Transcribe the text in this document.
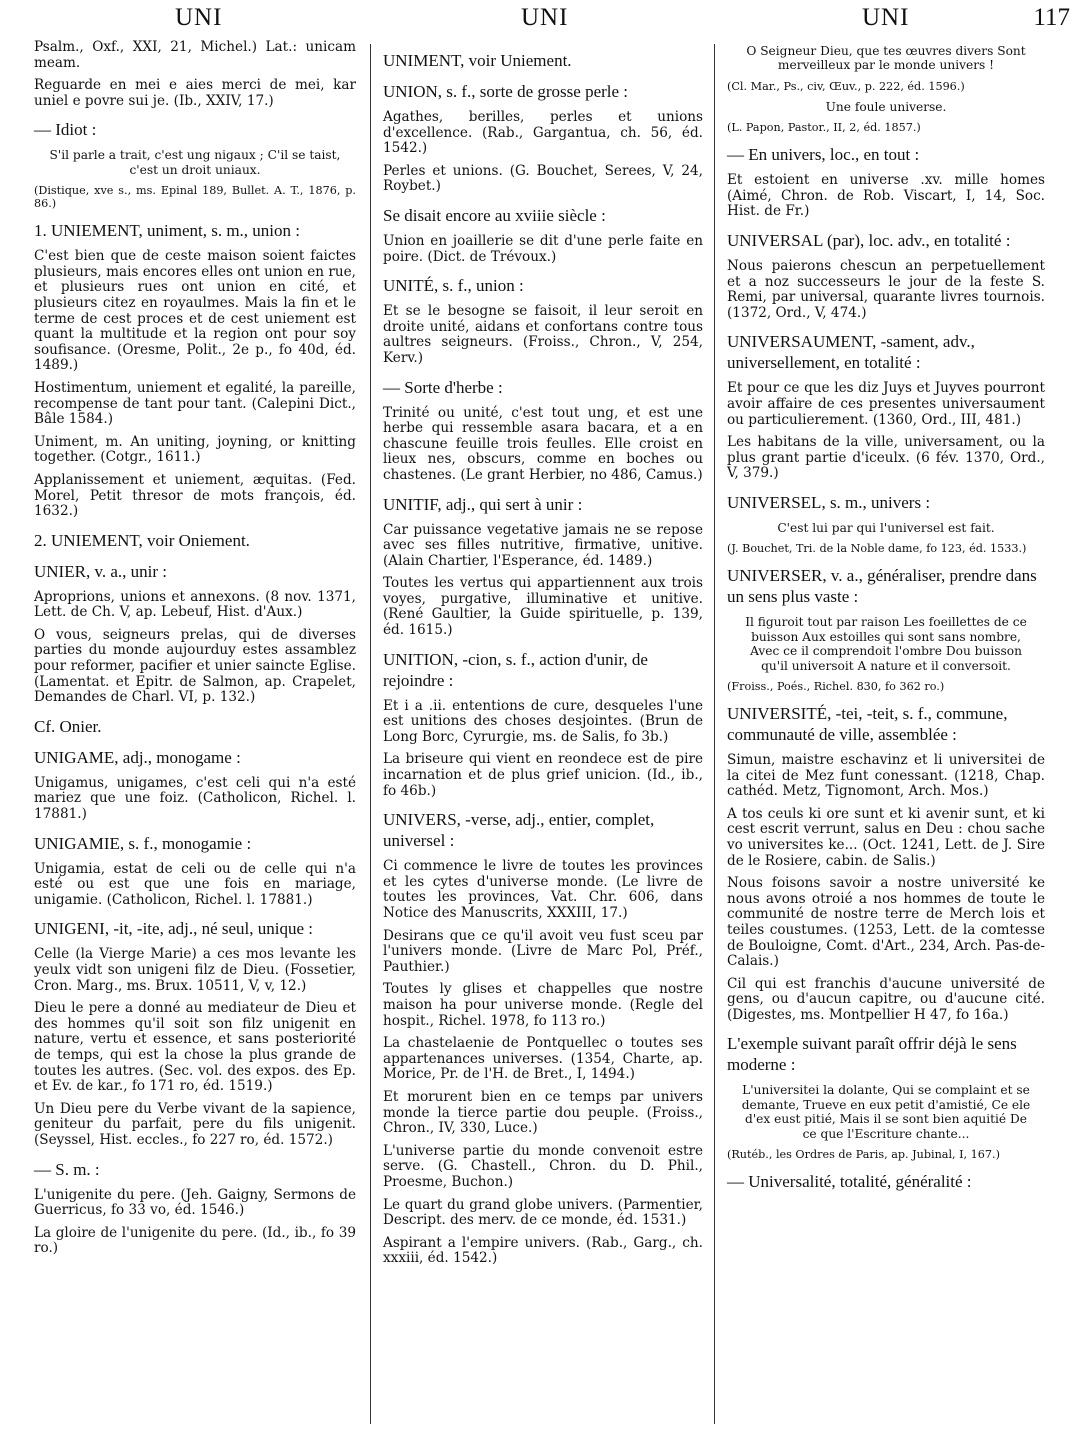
UNI	UNI	UNI	117

Psalm., Oxf., XXI, 21, Michel.) Lat.: unicam meam.

Reguarde en mei e aies merci de mei, kar uniel e povre sui je. (Ib., XXIV, 17.)

— Idiot :

S'il parle a trait, c'est ung nigaux ; C'il se taist, c'est un droit uniaux.

(Distique, xve s., ms. Epinal 189, Bullet. A. T., 1876, p. 86.)

1. UNIEMENT, uniment, s. m., union :

C'est bien que de ceste maison soient faictes plusieurs, mais encores elles ont union en rue, et plusieurs rues ont union en cité, et plusieurs citez en royaulmes. Mais la fin et le terme de cest proces et de cest uniement est quant la multitude et la region ont pour soy soufisance. (Oresme, Polit., 2e p., fo 40d, éd. 1489.)

Hostimentum, uniement et egalité, la pareille, recompense de tant pour tant. (Calepini Dict., Bâle 1584.)

Uniment, m. An uniting, joyning, or knitting together. (Cotgr., 1611.)

Applanissement et uniement, æquitas. (Fed. Morel, Petit thresor de mots françois, éd. 1632.)

2. UNIEMENT, voir Oniement.

UNIER, v. a., unir :

Aproprions, unions et annexons. (8 nov. 1371, Lett. de Ch. V, ap. Lebeuf, Hist. d'Aux.)

O vous, seigneurs prelas, qui de diverses parties du monde aujourduy estes assamblez pour reformer, pacifier et unier saincte Eglise. (Lamentat. et Epitr. de Salmon, ap. Crapelet, Demandes de Charl. VI, p. 132.)

Cf. Onier.

UNIGAME, adj., monogame :

Unigamus, unigames, c'est celi qui n'a esté mariez que une foiz. (Catholicon, Richel. l. 17881.)

UNIGAMIE, s. f., monogamie :

Unigamia, estat de celi ou de celle qui n'a esté ou est que une fois en mariage, unigamie. (Catholicon, Richel. l. 17881.)

UNIGENI, -it, -ite, adj., né seul, unique :

Celle (la Vierge Marie) a ces mos levante les yeulx vidt son unigeni filz de Dieu. (Fossetier, Cron. Marg., ms. Brux. 10511, V, v, 12.)

Dieu le pere a donné au mediateur de Dieu et des hommes qu'il soit son filz unigenit en nature, vertu et essence, et sans posteriorité de temps, qui est la chose la plus grande de toutes les autres. (Sec. vol. des expos. des Ep. et Ev. de kar., fo 171 ro, éd. 1519.)

Un Dieu pere du Verbe vivant de la sapience, geniteur du parfait, pere du fils unigenit. (Seyssel, Hist. eccles., fo 227 ro, éd. 1572.)

— S. m. :

L'unigenite du pere. (Jeh. Gaigny, Sermons de Guerricus, fo 33 vo, éd. 1546.)

La gloire de l'unigenite du pere. (Id., ib., fo 39 ro.)

UNIMENT, voir Uniement.

UNION, s. f., sorte de grosse perle :

Agathes, berilles, perles et unions d'excellence. (Rab., Gargantua, ch. 56, éd. 1542.)

Perles et unions. (G. Bouchet, Serees, V, 24, Roybet.)

Se disait encore au xviiie siècle :

Union en joaillerie se dit d'une perle faite en poire. (Dict. de Trévoux.)

UNITÉ, s. f., union :

Et se le besogne se faisoit, il leur seroit en droite unité, aidans et confortans contre tous aultres seigneurs. (Froiss., Chron., V, 254, Kerv.)

— Sorte d'herbe :

Trinité ou unité, c'est tout ung, et est une herbe qui ressemble asara bacara, et a en chascune feuille trois feulles. Elle croist en lieux nes, obscurs, comme en boches ou chastenes. (Le grant Herbier, no 486, Camus.)

UNITIF, adj., qui sert à unir :

Car puissance vegetative jamais ne se repose avec ses filles nutritive, firmative, unitive. (Alain Chartier, l'Esperance, éd. 1489.)

Toutes les vertus qui appartiennent aux trois voyes, purgative, illuminative et unitive. (René Gaultier, la Guide spirituelle, p. 139, éd. 1615.)

UNITION, -cion, s. f., action d'unir, de rejoindre :

Et i a .ii. ententions de cure, desqueles l'une est unitions des choses desjointes. (Brun de Long Borc, Cyrurgie, ms. de Salis, fo 3b.)

La briseure qui vient en reondece est de pire incarnation et de plus grief unicion. (Id., ib., fo 46b.)

UNIVERS, -verse, adj., entier, complet, universel :

Ci commence le livre de toutes les provinces et les cytes d'universe monde. (Le livre de toutes les provinces, Vat. Chr. 606, dans Notice des Manuscrits, XXXIII, 17.)

Desirans que ce qu'il avoit veu fust sceu par l'univers monde. (Livre de Marc Pol, Préf., Pauthier.)

Toutes ly glises et chappelles que nostre maison ha pour universe monde. (Regle del hospit., Richel. 1978, fo 113 ro.)

La chastelaenie de Pontquellec o toutes ses appartenances universes. (1354, Charte, ap. Morice, Pr. de l'H. de Bret., I, 1494.)

Et morurent bien en ce temps par univers monde la tierce partie dou peuple. (Froiss., Chron., IV, 330, Luce.)

L'universe partie du monde convenoit estre serve. (G. Chastell., Chron. du D. Phil., Proesme, Buchon.)

Le quart du grand globe univers. (Parmentier, Descript. des merv. de ce monde, éd. 1531.)

Aspirant a l'empire univers. (Rab., Garg., ch. xxxiii, éd. 1542.)

O Seigneur Dieu, que tes œuvres divers Sont merveilleux par le monde univers !

(Cl. Mar., Ps., civ, Œuv., p. 222, éd. 1596.)

Une foule universe.

(L. Papon, Pastor., II, 2, éd. 1857.)

— En univers, loc., en tout :

Et estoient en universe .xv. mille homes (Aimé, Chron. de Rob. Viscart, I, 14, Soc. Hist. de Fr.)

UNIVERSAL (par), loc. adv., en totalité :

Nous paierons chescun an perpetuellement et a noz successeurs le jour de la feste S. Remi, par universal, quarante livres tournois. (1372, Ord., V, 474.)

UNIVERSAUMENT, -sament, adv., universellement, en totalité :

Et pour ce que les diz Juys et Juyves pourront avoir affaire de ces presentes universaument ou particulierement. (1360, Ord., III, 481.)

Les habitans de la ville, universament, ou la plus grant partie d'iceulx. (6 fév. 1370, Ord., V, 379.)

UNIVERSEL, s. m., univers :

C'est lui par qui l'universel est fait.

(J. Bouchet, Tri. de la Noble dame, fo 123, éd. 1533.)

UNIVERSER, v. a., généraliser, prendre dans un sens plus vaste :

Il figuroit tout par raison Les foeillettes de ce buisson Aux estoilles qui sont sans nombre, Avec ce il comprendoit l'ombre Dou buisson qu'il universoit A nature et il conversoit.

(Froiss., Poés., Richel. 830, fo 362 ro.)

UNIVERSITÉ, -tei, -teit, s. f., commune, communauté de ville, assemblée :

Simun, maistre eschavinz et li universitei de la citei de Mez funt conessant. (1218, Chap. cathéd. Metz, Tignomont, Arch. Mos.)

A tos ceuls ki ore sunt et ki avenir sunt, et ki cest escrit verrunt, salus en Deu : chou sache vo universites ke... (Oct. 1241, Lett. de J. Sire de le Rosiere, cabin. de Salis.)

Nous foisons savoir a nostre université ke nous avons otroié a nos hommes de toute le communité de nostre terre de Merch lois et teiles coustumes. (1253, Lett. de la comtesse de Bouloigne, Comt. d'Art., 234, Arch. Pas-de-Calais.)

Cil qui est franchis d'aucune université de gens, ou d'aucun capitre, ou d'aucune cité. (Digestes, ms. Montpellier H 47, fo 16a.)

L'exemple suivant paraît offrir déjà le sens moderne :

L'universitei la dolante, Qui se complaint et se demante, Trueve en eux petit d'amistié, Ce ele d'ex eust pitié, Mais il se sont bien aquitié De ce que l'Escriture chante...

(Rutéb., les Ordres de Paris, ap. Jubinal, I, 167.)

— Universalité, totalité, généralité :
